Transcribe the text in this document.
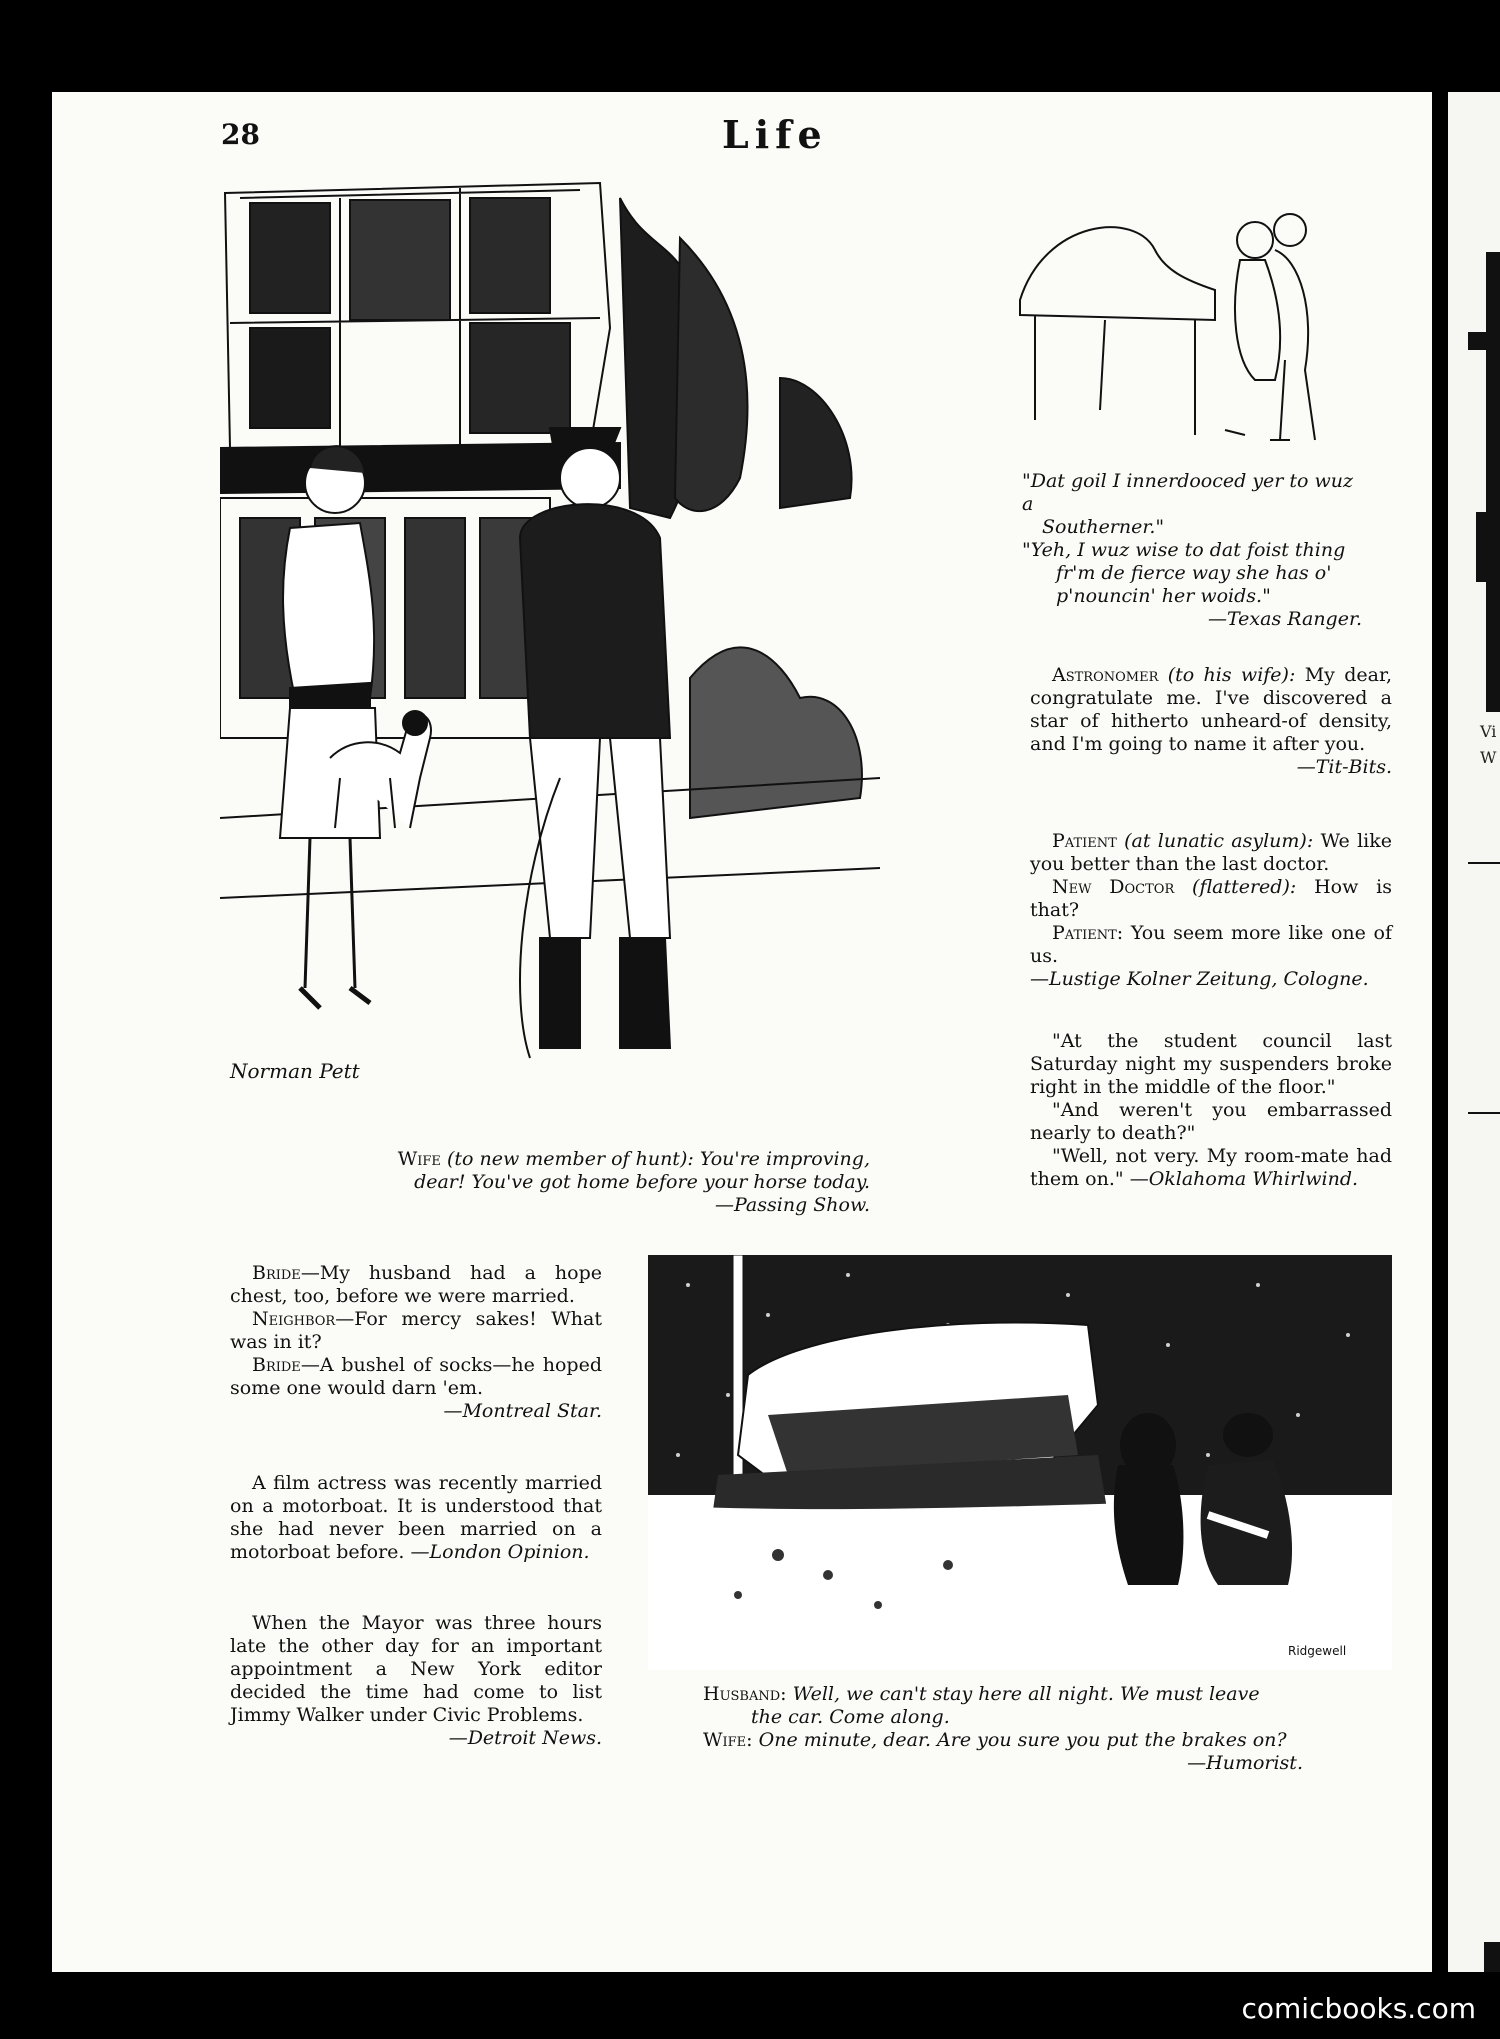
Vi
W
28	Life
Norman Pett
Wife (to new member of hunt): You're improving,
dear! You've got home before your horse today.
—Passing Show.
"Dat goil I innerdooced yer to wuz a
Southerner."
"Yeh, I wuz wise to dat foist thing
fr'm de fierce way she has o'
p'nouncin' her woids."
—Texas Ranger.
Astronomer (to his wife): My dear, congratulate me. I've discovered a star of hitherto unheard-of density, and I'm going to name it after you.
—Tit-Bits.
Patient (at lunatic asylum): We like you better than the last doctor.
New Doctor (flattered): How is that?
Patient: You seem more like one of us.
—Lustige Kolner Zeitung, Cologne.
"At the student council last Saturday night my suspenders broke right in the middle of the floor."
"And weren't you embarrassed nearly to death?"
"Well, not very. My room-mate had them on." —Oklahoma Whirlwind.
Bride—My husband had a hope chest, too, before we were married.
Neighbor—For mercy sakes! What was in it?
Bride—A bushel of socks—he hoped some one would darn 'em.
—Montreal Star.
A film actress was recently married on a motorboat. It is understood that she had never been married on a motorboat before. —London Opinion.
When the Mayor was three hours late the other day for an important appointment a New York editor decided the time had come to list Jimmy Walker under Civic Problems.
—Detroit News.
Ridgewell
Husband: Well, we can't stay here all night. We must leave
the car. Come along.
Wife: One minute, dear. Are you sure you put the brakes on?
—Humorist.
comicbooks.com
